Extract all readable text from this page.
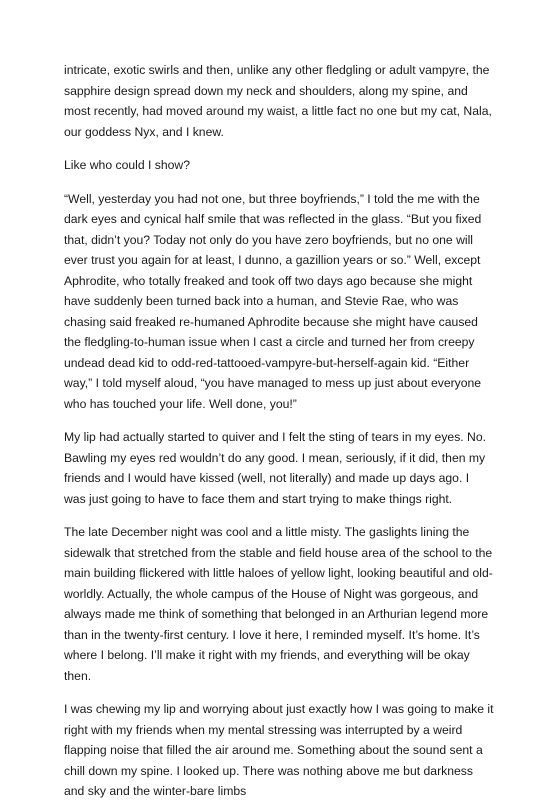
intricate, exotic swirls and then, unlike any other fledgling or adult vampyre, the sapphire design spread down my neck and shoulders, along my spine, and most recently, had moved around my waist, a little fact no one but my cat, Nala, our goddess Nyx, and I knew.

Like who could I show?

“Well, yesterday you had not one, but three boyfriends,” I told the me with the dark eyes and cynical half smile that was reflected in the glass. “But you fixed that, didn’t you? Today not only do you have zero boyfriends, but no one will ever trust you again for at least, I dunno, a gazillion years or so.” Well, except Aphrodite, who totally freaked and took off two days ago because she might have suddenly been turned back into a human, and Stevie Rae, who was chasing said freaked re-humaned Aphrodite because she might have caused the fledgling-to-human issue when I cast a circle and turned her from creepy undead dead kid to odd-red-tattooed-vampyre-but-herself-again kid. “Either way,” I told myself aloud, “you have managed to mess up just about everyone who has touched your life. Well done, you!”

My lip had actually started to quiver and I felt the sting of tears in my eyes. No. Bawling my eyes red wouldn’t do any good. I mean, seriously, if it did, then my friends and I would have kissed (well, not literally) and made up days ago. I was just going to have to face them and start trying to make things right.

The late December night was cool and a little misty. The gaslights lining the sidewalk that stretched from the stable and field house area of the school to the main building flickered with little haloes of yellow light, looking beautiful and old-worldly. Actually, the whole campus of the House of Night was gorgeous, and always made me think of something that belonged in an Arthurian legend more than in the twenty-first century. I love it here, I reminded myself. It’s home. It’s where I belong. I’ll make it right with my friends, and everything will be okay then.

I was chewing my lip and worrying about just exactly how I was going to make it right with my friends when my mental stressing was interrupted by a weird flapping noise that filled the air around me. Something about the sound sent a chill down my spine. I looked up. There was nothing above me but darkness and sky and the winter-bare limbs
